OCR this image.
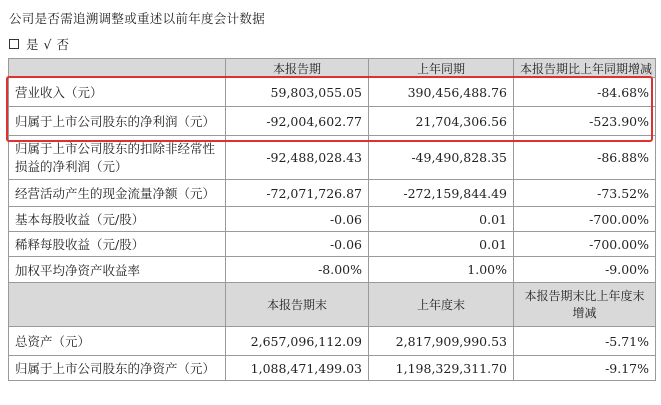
公司是否需追溯调整或重述以前年度会计数据
是 √ 否
	本报告期	上年同期	本报告期比上年同期增减
营业收入（元）	59,803,055.05	390,456,488.76	-84.68%
归属于上市公司股东的净利润（元）	-92,004,602.77	21,704,306.56	-523.90%
归属于上市公司股东的扣除非经常性损益的净利润（元）	-92,488,028.43	-49,490,828.35	-86.88%
经营活动产生的现金流量净额（元）	-72,071,726.87	-272,159,844.49	-73.52%
基本每股收益（元/股）	-0.06	0.01	-700.00%
稀释每股收益（元/股）	-0.06	0.01	-700.00%
加权平均净资产收益率	-8.00%	1.00%	-9.00%
	本报告期末	上年度末	本报告期末比上年度末增减
总资产（元）	2,657,096,112.09	2,817,909,990.53	-5.71%
归属于上市公司股东的净资产（元）	1,088,471,499.03	1,198,329,311.70	-9.17%
